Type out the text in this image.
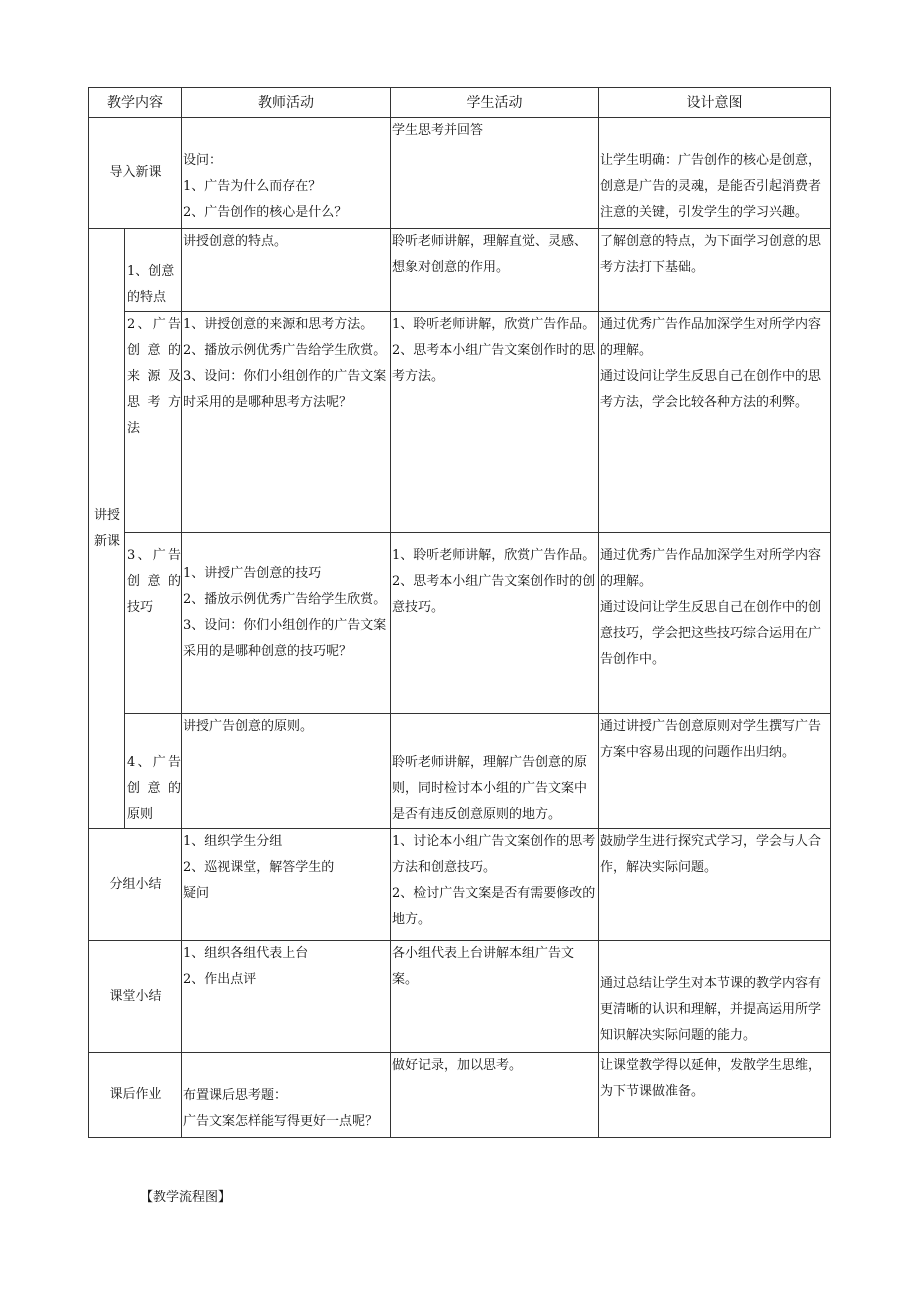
教学内容		教师活动	学生活动	设计意图
导入新课		设问：
1、广告为什么而存在？
2、广告创作的核心是什么？	学生思考并回答	让学生明确：广告创作的核心是创意，创意是广告的灵魂，是能否引起消费者注意的关键，引发学生的学习兴趣。

讲授
新课	1、创意
的特点	讲授创意的特点。	聆听老师讲解，理解直觉、灵感、想象对创意的作用。	了解创意的特点，为下面学习创意的思考方法打下基础。

	2、广告
创意的
来源及
思考方
法	1、讲授创意的来源和思考方法。
2、播放示例优秀广告给学生欣赏。
3、设问：你们小组创作的广告文案时采用的是哪种思考方法呢？	1、聆听老师讲解，欣赏广告作品。
2、思考本小组广告文案创作时的思考方法。	通过优秀广告作品加深学生对所学内容的理解。
通过设问让学生反思自己在创作中的思考方法，学会比较各种方法的利弊。

	3、广告
创意的
技巧	1、讲授广告创意的技巧
2、播放示例优秀广告给学生欣赏。
3、设问：你们小组创作的广告文案采用的是哪种创意的技巧呢？	1、聆听老师讲解，欣赏广告作品。
2、思考本小组广告文案创作时的创意技巧。	通过优秀广告作品加深学生对所学内容的理解。
通过设问让学生反思自己在创作中的创意技巧，学会把这些技巧综合运用在广告创作中。

	4、广告
创意的
原则	讲授广告创意的原则。	聆听老师讲解，理解广告创意的原则，同时检讨本小组的广告文案中是否有违反创意原则的地方。	通过讲授广告创意原则对学生撰写广告方案中容易出现的问题作出归纳。

分组小结		1、组织学生分组
2、巡视课堂，解答学生的
疑问	1、讨论本小组广告文案创作的思考方法和创意技巧。
2、检讨广告文案是否有需要修改的地方。	鼓励学生进行探究式学习，学会与人合作，解决实际问题。

课堂小结		1、组织各组代表上台
2、作出点评	各小组代表上台讲解本组广告文案。	通过总结让学生对本节课的教学内容有更清晰的认识和理解，并提高运用所学知识解决实际问题的能力。

课后作业		布置课后思考题：
广告文案怎样能写得更好一点呢？	做好记录，加以思考。	让课堂教学得以延伸，发散学生思维，为下节课做准备。
【教学流程图】
